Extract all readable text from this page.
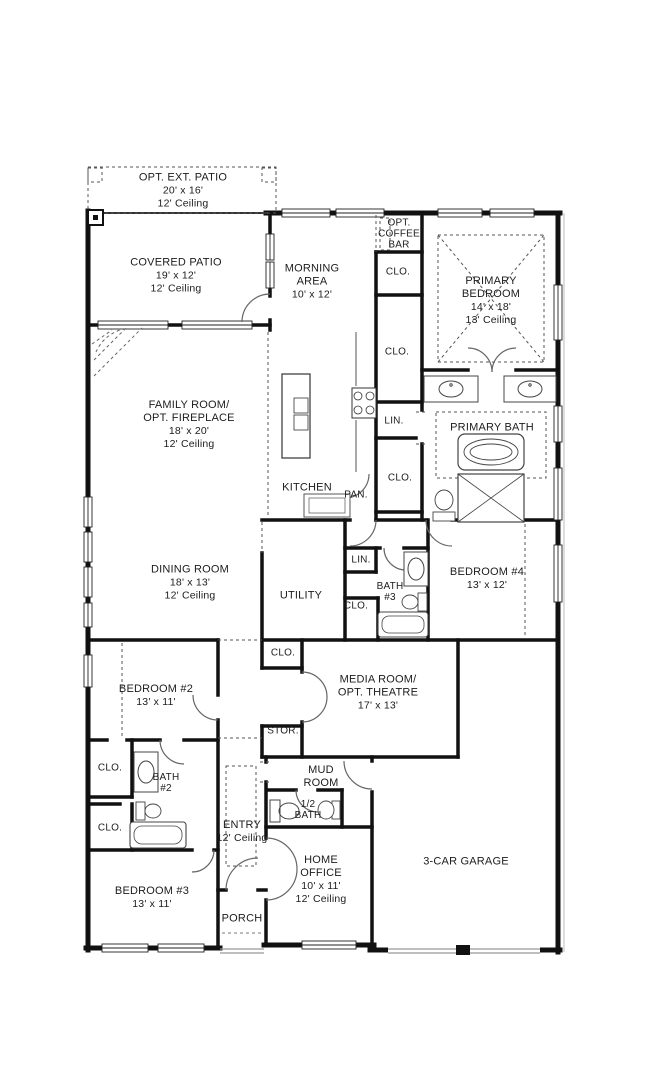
OPT. EXT. PATIO
20' x 16'
12' Ceiling
COVERED PATIO
19' x 12'
12' Ceiling
MORNING
AREA
10' x 12'
OPT.
COFFEE
BAR
CLO.
PRIMARY
BEDROOM
14' x 18'
13' Ceiling
CLO.
FAMILY ROOM/
OPT. FIREPLACE
18' x 20'
12' Ceiling
LIN.
PRIMARY BATH
KITCHEN
CLO.
PAN.
DINING ROOM
18' x 13'
12' Ceiling	UTILITY
LIN.
BATH
#3
CLO.
BEDROOM #4
13' x 12'
CLO.
MEDIA ROOM/
OPT. THEATRE
17' x 13'
BEDROOM #2
13' x 11'
STOR.
CLO.
BATH
#2
CLO.
MUD
ROOM
1/2
BATH
ENTRY
12' Ceiling
HOME
OFFICE
10' x 11'
12' Ceiling
BEDROOM #3
13' x 11'
3-CAR GARAGE
PORCH
